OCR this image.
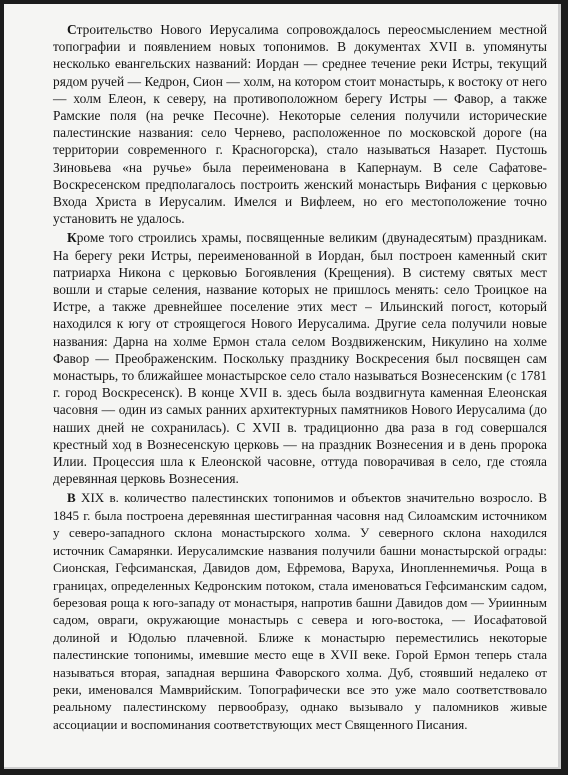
Строительство Нового Иерусалима сопровождалось переосмыслением местной топографии и появлением новых топонимов. В документах XVII в. упомянуты несколько евангельских названий: Иордан — среднее течение реки Истры, текущий рядом ручей — Кедрон, Сион — холм, на котором стоит монастырь, к востоку от него — холм Елеон, к северу, на противоположном берегу Истры — Фавор, а также Рамские поля (на речке Песочне). Некоторые селения получили исторические палестинские названия: село Чернево, расположенное по московской дороге (на территории современного г. Красногорска), стало называться Назарет. Пустошь Зиновьева «на ручье» была переименована в Капернаум. В селе Сафатове-Воскресенском предполагалось построить женский монастырь Вифания с церковью Входа Христа в Иерусалим. Имелся и Вифлеем, но его местоположение точно установить не удалось.

Кроме того строились храмы, посвященные великим (двунадесятым) праздникам. На берегу реки Истры, переименованной в Иордан, был построен каменный скит патриарха Никона с церковью Богоявления (Крещения). В систему святых мест вошли и старые селения, название которых не пришлось менять: село Троицкое на Истре, а также древнейшее поселение этих мест – Ильинский погост, который находился к югу от строящегося Нового Иерусалима. Другие села получили новые названия: Дарна на холме Ермон стала селом Воздвиженским, Никулино на холме Фавор — Преображенским. Поскольку празднику Воскресения был посвящен сам монастырь, то ближайшее монастырское село стало называться Вознесенским (с 1781 г. город Воскресенск). В конце XVII в. здесь была воздвигнута каменная Елеонская часовня — один из самых ранних архитектурных памятников Нового Иерусалима (до наших дней не сохранилась). С XVII в. традиционно два раза в год совершался крестный ход в Вознесенскую церковь — на праздник Вознесения и в день пророка Илии. Процессия шла к Елеонской часовне, оттуда поворачивая в село, где стояла деревянная церковь Вознесения.

В XIX в. количество палестинских топонимов и объектов значительно возросло. В 1845 г. была построена деревянная шестигранная часовня над Силоамским источником у северо-западного склона монастырского холма. У северного склона находился источник Самарянки. Иерусалимские названия получили башни монастырской ограды: Сионская, Гефсиманская, Давидов дом, Ефремова, Варуха, Инопленнемичья. Роща в границах, определенных Кедронским потоком, стала именоваться Гефсиманским садом, березовая роща к юго-западу от монастыря, напротив башни Давидов дом — Уриинным садом, овраги, окружающие монастырь с севера и юго-востока, — Иосафатовой долиной и Юдолью плачевной. Ближе к монастырю переместились некоторые палестинские топонимы, имевшие место еще в XVII веке. Горой Ермон теперь стала называться вторая, западная вершина Фаворского холма. Дуб, стоявший недалеко от реки, именовался Мамврийским. Топографически все это уже мало соответствовало реальному палестинскому первообразу, однако вызывало у паломников живые ассоциации и воспоминания соответствующих мест Священного Писания.
